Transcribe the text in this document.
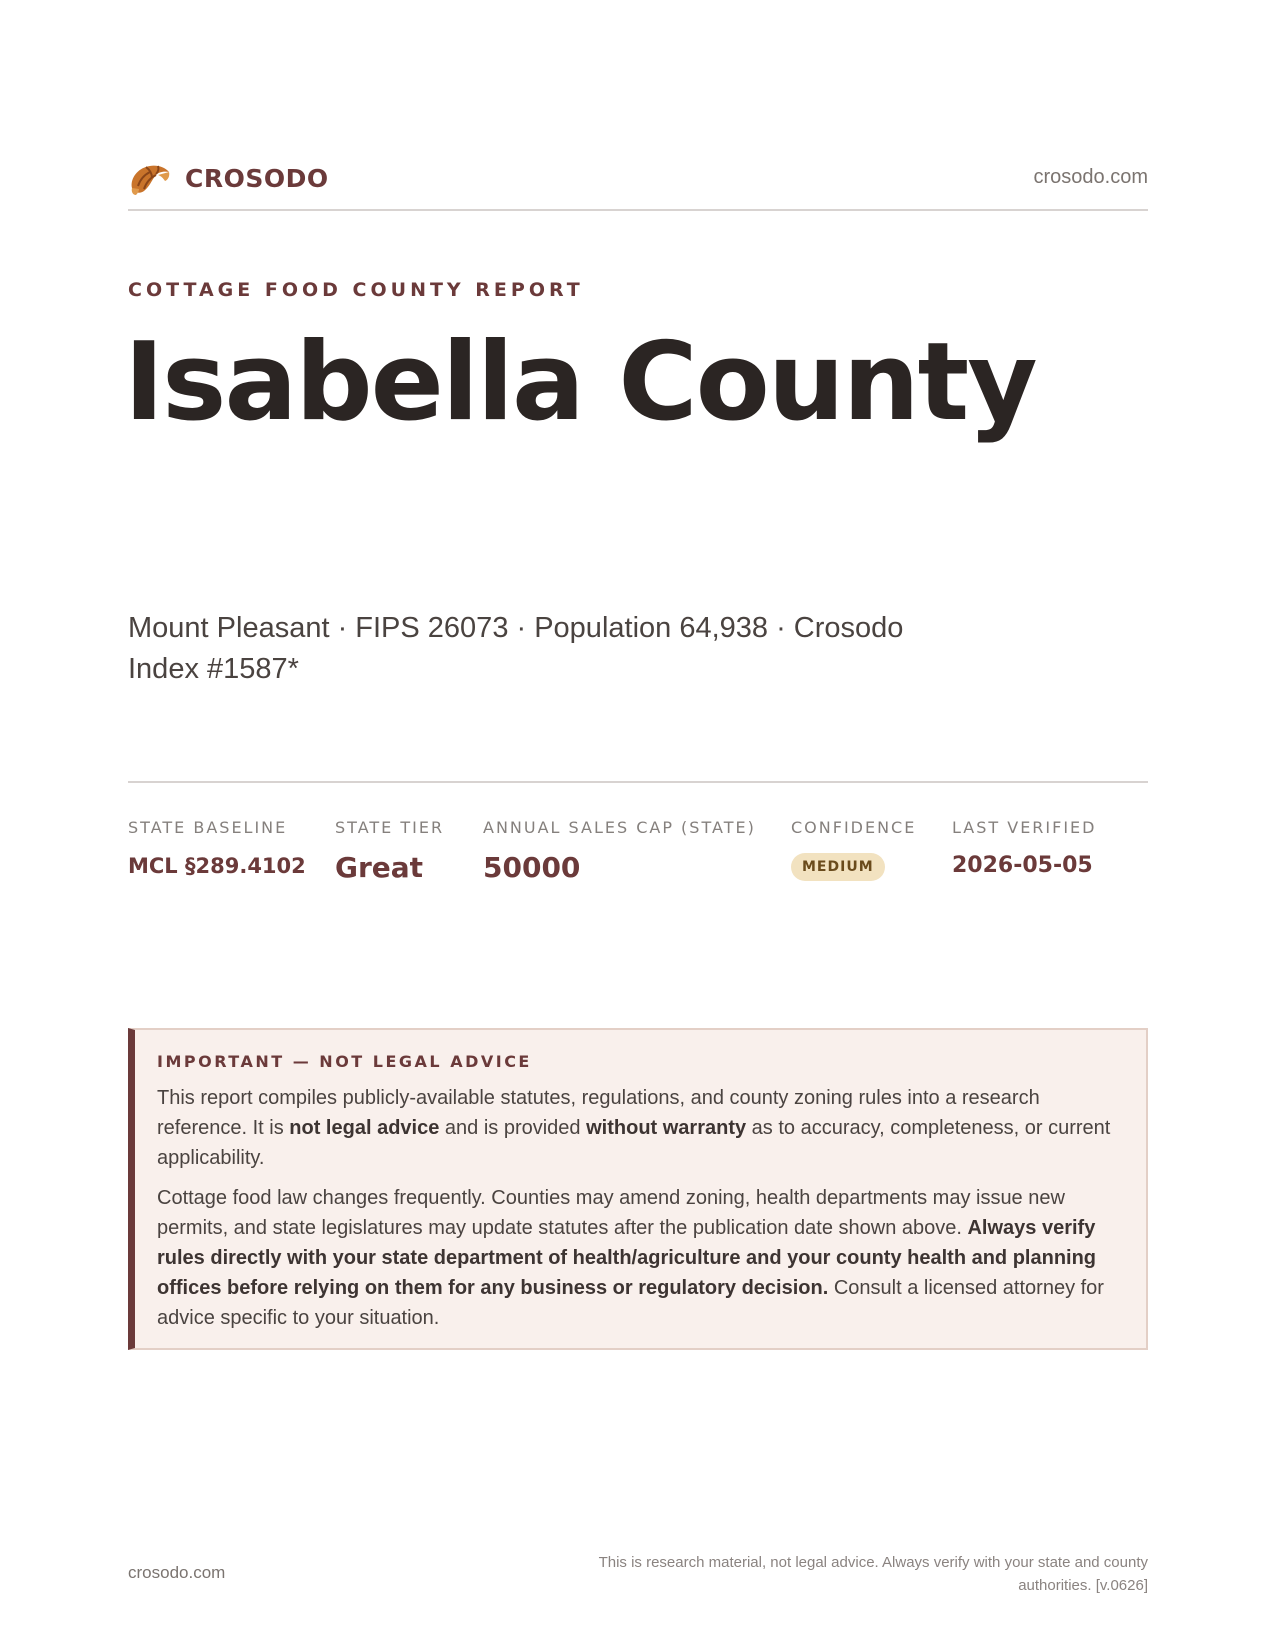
CROSODO	crosodo.com
COTTAGE FOOD COUNTY REPORT
Isabella County
Mount Pleasant · FIPS 26073 · Population 64,938 · Crosodo Index #1587*
STATE BASELINE
MCL §289.4102
STATE TIER
Great
ANNUAL SALES CAP (STATE)
50000
CONFIDENCE
MEDIUM
LAST VERIFIED
2026-05-05
IMPORTANT — NOT LEGAL ADVICE

This report compiles publicly-available statutes, regulations, and county zoning rules into a research reference. It is not legal advice and is provided without warranty as to accuracy, completeness, or current applicability.

Cottage food law changes frequently. Counties may amend zoning, health departments may issue new permits, and state legislatures may update statutes after the publication date shown above. Always verify rules directly with your state department of health/agriculture and your county health and planning offices before relying on them for any business or regulatory decision. Consult a licensed attorney for advice specific to your situation.

crosodo.com
This is research material, not legal advice. Always verify with your state and county authorities. [v.0626]
